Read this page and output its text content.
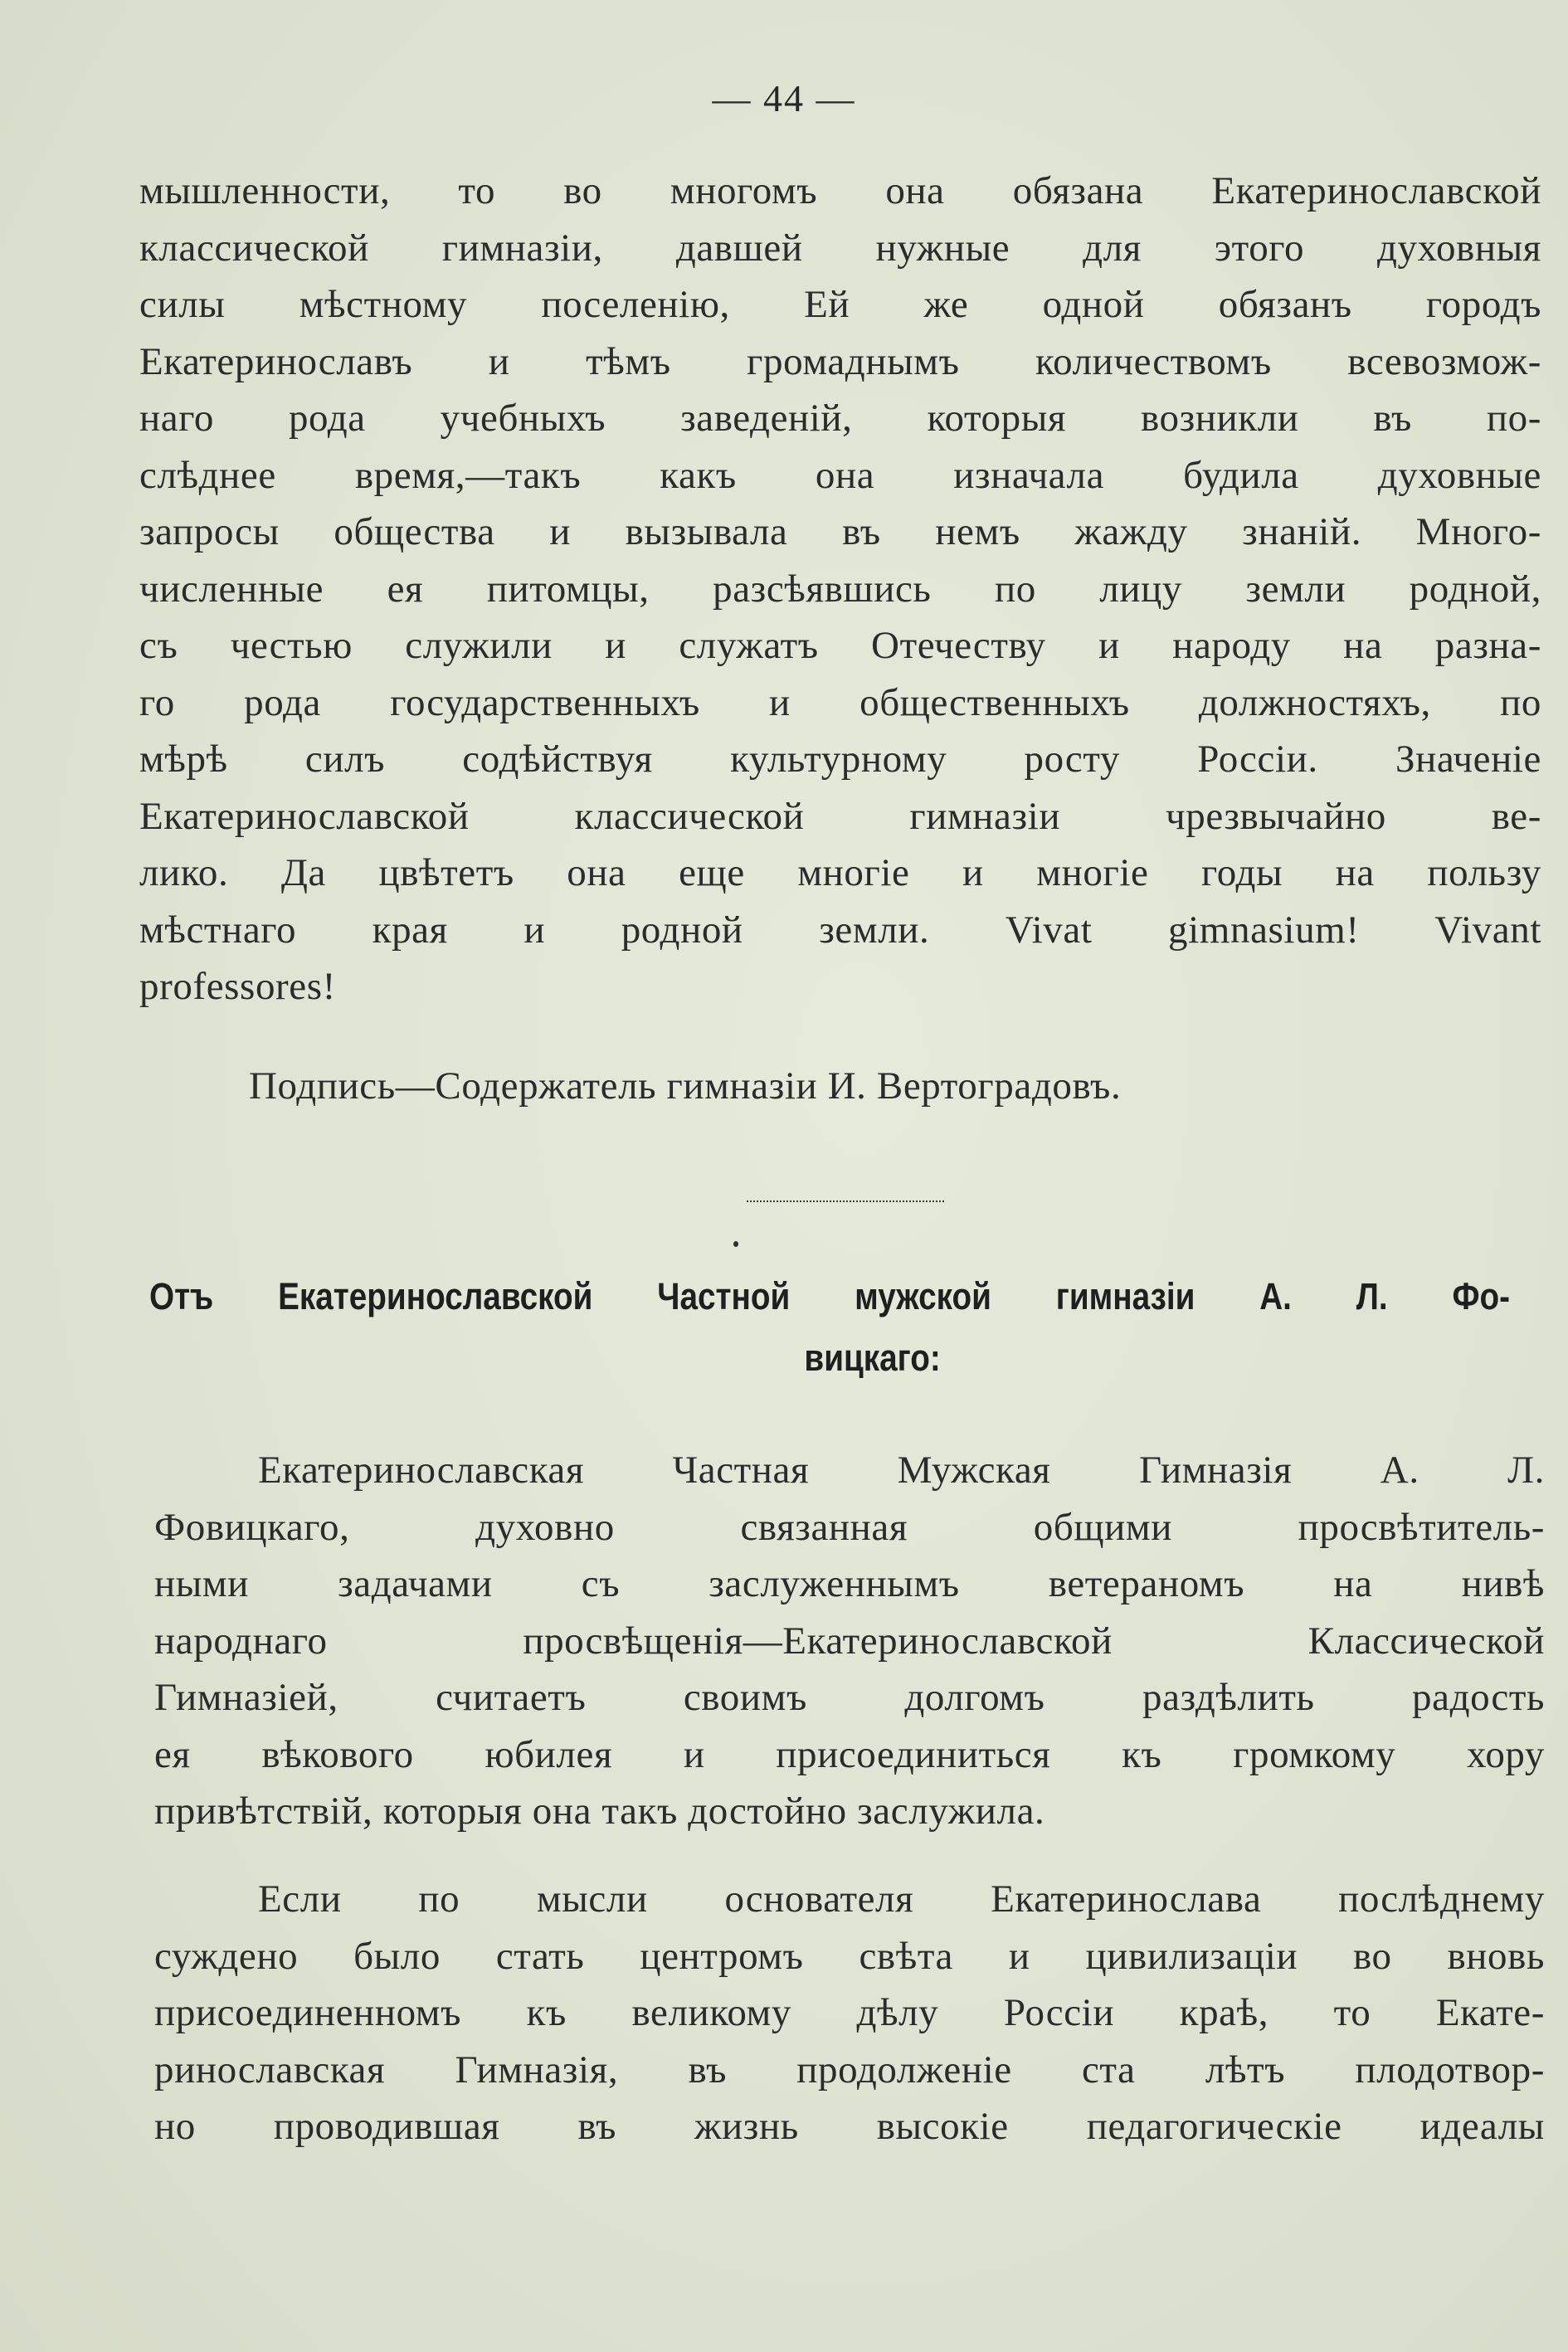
— 44 —
мышленности, то во многомъ она обязана Екатеринославской
классической гимназіи, давшей нужные для этого духовныя
силы мѣстному поселенію, Ей же одной обязанъ городъ
Екатеринославъ и тѣмъ громаднымъ количествомъ всевозмож-
наго рода учебныхъ заведеній, которыя возникли въ по-
слѣднее время,—такъ какъ она изначала будила духовные
запросы общества и вызывала въ немъ жажду знаній. Много-
численные ея питомцы, разсѣявшись по лицу земли родной,
съ честью служили и служатъ Отечеству и народу на разна-
го рода государственныхъ и общественныхъ должностяхъ, по
мѣрѣ силъ содѣйствуя культурному росту Россіи. Значеніе
Екатеринославской классической гимназіи чрезвычайно ве-
лико. Да цвѣтетъ она еще многіе и многіе годы на пользу
мѣстнаго края и родной земли. Vivat gimnasium! Vivant
professores!
Подпись—Содержатель гимназіи И. Вертоградовъ.
Отъ Екатеринославской Частной мужской гимназіи А. Л. Фо-
вицкаго:
Екатеринославская Частная Мужская Гимназія А. Л.
Фовицкаго, духовно связанная общими просвѣтитель-
ными задачами съ заслуженнымъ ветераномъ на нивѣ
народнаго просвѣщенія—Екатеринославской Классической
Гимназіей, считаетъ своимъ долгомъ раздѣлить радость
ея вѣкового юбилея и присоединиться къ громкому хору
привѣтствій, которыя она такъ достойно заслужила.
Если по мысли основателя Екатеринослава послѣднему
суждено было стать центромъ свѣта и цивилизаціи во вновь
присоединенномъ къ великому дѣлу Россіи краѣ, то Екате-
ринославская Гимназія, въ продолженіе ста лѣтъ плодотвор-
но проводившая въ жизнь высокіе педагогическіе идеалы
